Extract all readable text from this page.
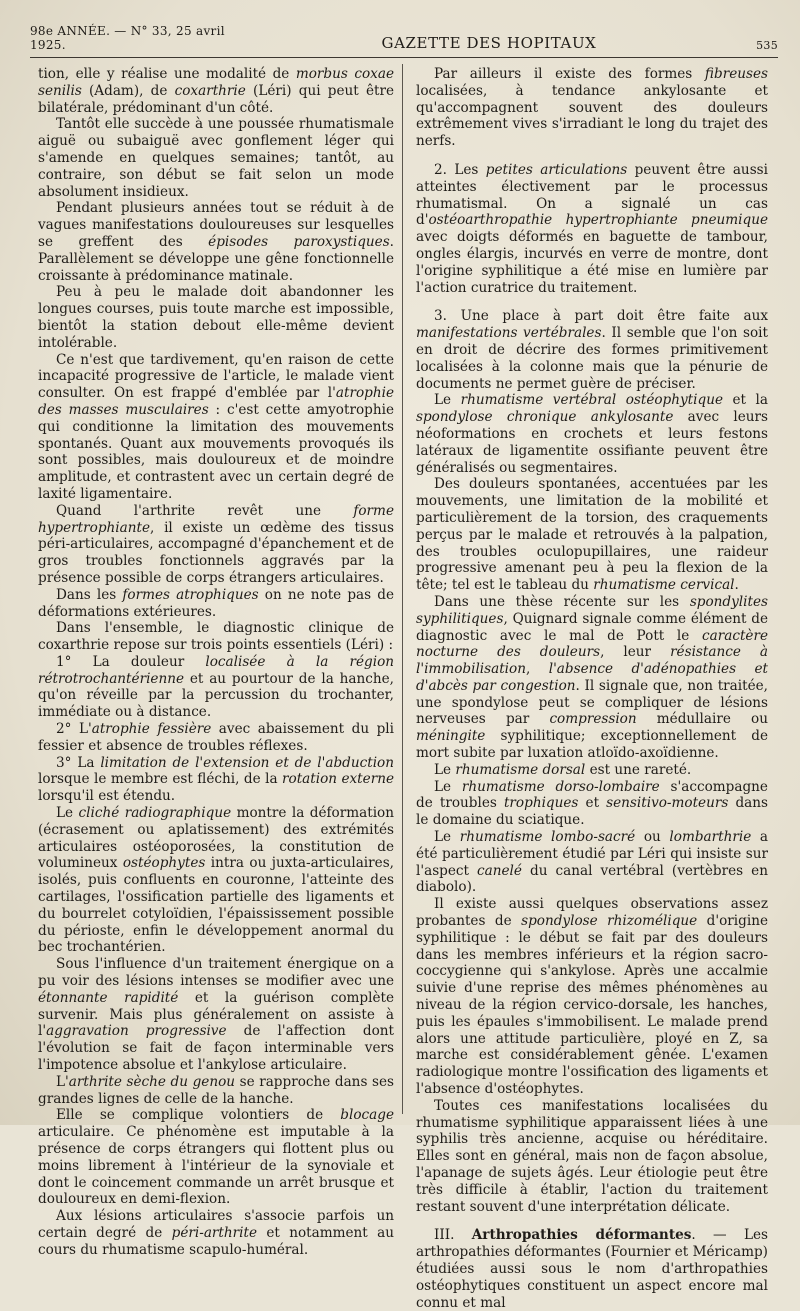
98e ANNÉE. — N° 33, 25 avril 1925.	GAZETTE DES HOPITAUX	535

tion, elle y réalise une modalité de morbus coxae senilis (Adam), de coxarthrie (Léri) qui peut être bilatérale, prédominant d'un côté.

Tantôt elle succède à une poussée rhumatismale aiguë ou subaiguë avec gonflement léger qui s'amende en quelques semaines; tantôt, au contraire, son début se fait selon un mode absolument insidieux.

Pendant plusieurs années tout se réduit à de vagues manifestations douloureuses sur lesquelles se greffent des épisodes paroxystiques. Parallèlement se développe une gêne fonctionnelle croissante à prédominance matinale.

Peu à peu le malade doit abandonner les longues courses, puis toute marche est impossible, bientôt la station debout elle-même devient intolérable.

Ce n'est que tardivement, qu'en raison de cette incapacité progressive de l'article, le malade vient consulter. On est frappé d'emblée par l'atrophie des masses musculaires : c'est cette amyotrophie qui conditionne la limitation des mouvements spontanés. Quant aux mouvements provoqués ils sont possibles, mais douloureux et de moindre amplitude, et contrastent avec un certain degré de laxité ligamentaire.

Quand l'arthrite revêt une forme hypertrophiante, il existe un œdème des tissus péri-articulaires, accompagné d'épanchement et de gros troubles fonctionnels aggravés par la présence possible de corps étrangers articulaires.

Dans les formes atrophiques on ne note pas de déformations extérieures.

Dans l'ensemble, le diagnostic clinique de coxarthrie repose sur trois points essentiels (Léri) :

1° La douleur localisée à la région rétrotrochantérienne et au pourtour de la hanche, qu'on réveille par la percussion du trochanter, immédiate ou à distance.

2° L'atrophie fessière avec abaissement du pli fessier et absence de troubles réflexes.

3° La limitation de l'extension et de l'abduction lorsque le membre est fléchi, de la rotation externe lorsqu'il est étendu.

Le cliché radiographique montre la déformation (écrasement ou aplatissement) des extrémités articulaires ostéoporosées, la constitution de volumineux ostéophytes intra ou juxta-articulaires, isolés, puis confluents en couronne, l'atteinte des cartilages, l'ossification partielle des ligaments et du bourrelet cotyloïdien, l'épaississement possible du périoste, enfin le développement anormal du bec trochantérien.

Sous l'influence d'un traitement énergique on a pu voir des lésions intenses se modifier avec une étonnante rapidité et la guérison complète survenir. Mais plus généralement on assiste à l'aggravation progressive de l'affection dont l'évolution se fait de façon interminable vers l'impotence absolue et l'ankylose articulaire.

L'arthrite sèche du genou se rapproche dans ses grandes lignes de celle de la hanche.

Elle se complique volontiers de blocage articulaire. Ce phénomène est imputable à la présence de corps étrangers qui flottent plus ou moins librement à l'intérieur de la synoviale et dont le coincement commande un arrêt brusque et douloureux en demi-flexion.

Aux lésions articulaires s'associe parfois un certain degré de péri-arthrite et notamment au cours du rhumatisme scapulo-huméral.

Par ailleurs il existe des formes fibreuses localisées, à tendance ankylosante et qu'accompagnent souvent des douleurs extrêmement vives s'irradiant le long du trajet des nerfs.

2. Les petites articulations peuvent être aussi atteintes électivement par le processus rhumatismal. On a signalé un cas d'ostéoarthropathie hypertrophiante pneumique avec doigts déformés en baguette de tambour, ongles élargis, incurvés en verre de montre, dont l'origine syphilitique a été mise en lumière par l'action curatrice du traitement.

3. Une place à part doit être faite aux manifestations vertébrales. Il semble que l'on soit en droit de décrire des formes primitivement localisées à la colonne mais que la pénurie de documents ne permet guère de préciser.

Le rhumatisme vertébral ostéophytique et la spondylose chronique ankylosante avec leurs néoformations en crochets et leurs festons latéraux de ligamentite ossifiante peuvent être généralisés ou segmentaires.

Des douleurs spontanées, accentuées par les mouvements, une limitation de la mobilité et particulièrement de la torsion, des craquements perçus par le malade et retrouvés à la palpation, des troubles oculopupillaires, une raideur progressive amenant peu à peu la flexion de la tête; tel est le tableau du rhumatisme cervical.

Dans une thèse récente sur les spondylites syphilitiques, Quignard signale comme élément de diagnostic avec le mal de Pott le caractère nocturne des douleurs, leur résistance à l'immobilisation, l'absence d'adénopathies et d'abcès par congestion. Il signale que, non traitée, une spondylose peut se compliquer de lésions nerveuses par compression médullaire ou méningite syphilitique; exceptionnellement de mort subite par luxation atloïdo-axoïdienne.

Le rhumatisme dorsal est une rareté.

Le rhumatisme dorso-lombaire s'accompagne de troubles trophiques et sensitivo-moteurs dans le domaine du sciatique.

Le rhumatisme lombo-sacré ou lombarthrie a été particulièrement étudié par Léri qui insiste sur l'aspect canelé du canal vertébral (vertèbres en diabolo).

Il existe aussi quelques observations assez probantes de spondylose rhizomélique d'origine syphilitique : le début se fait par des douleurs dans les membres inférieurs et la région sacro-coccygienne qui s'ankylose. Après une accalmie suivie d'une reprise des mêmes phénomènes au niveau de la région cervico-dorsale, les hanches, puis les épaules s'immobilisent. Le malade prend alors une attitude particulière, ployé en Z, sa marche est considérablement gênée. L'examen radiologique montre l'ossification des ligaments et l'absence d'ostéophytes.

Toutes ces manifestations localisées du rhumatisme syphilitique apparaissent liées à une syphilis très ancienne, acquise ou héréditaire. Elles sont en général, mais non de façon absolue, l'apanage de sujets âgés. Leur étiologie peut être très difficile à établir, l'action du traitement restant souvent d'une interprétation délicate.

III. Arthropathies déformantes. — Les arthropathies déformantes (Fournier et Méricamp) étudiées aussi sous le nom d'arthropathies ostéophytiques constituent un aspect encore mal connu et mal
